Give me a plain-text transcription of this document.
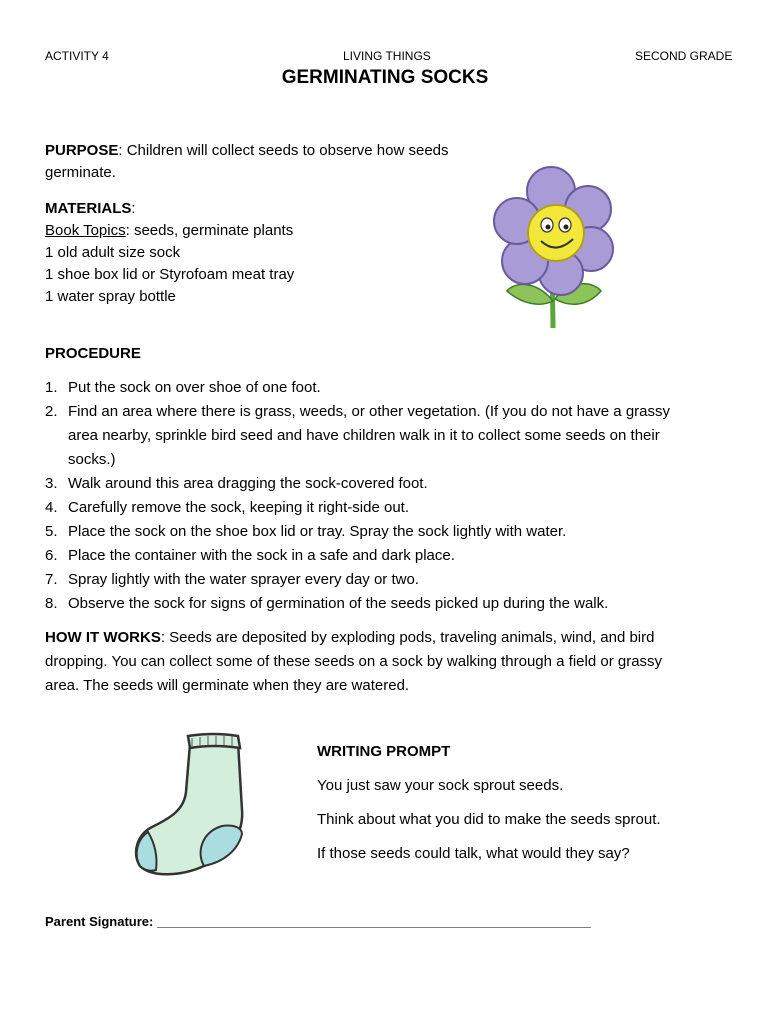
ACTIVITY 4	LIVING THINGS	SECOND GRADE
GERMINATING SOCKS
PURPOSE: Children will collect seeds to observe how seeds
germinate.
MATERIALS:
Book Topics: seeds, germinate plants
1 old adult size sock
1 shoe box lid or Styrofoam meat tray
1 water spray bottle
PROCEDURE
1. Put the sock on over shoe of one foot.
2. Find an area where there is grass, weeds, or other vegetation. (If you do not have a grassy
area nearby, sprinkle bird seed and have children walk in it to collect some seeds on their
socks.)
3. Walk around this area dragging the sock-covered foot.
4. Carefully remove the sock, keeping it right-side out.
5. Place the sock on the shoe box lid or tray. Spray the sock lightly with water.
6. Place the container with the sock in a safe and dark place.
7. Spray lightly with the water sprayer every day or two.
8. Observe the sock for signs of germination of the seeds picked up during the walk.
HOW IT WORKS: Seeds are deposited by exploding pods, traveling animals, wind, and bird
dropping. You can collect some of these seeds on a sock by walking through a field or grassy
area. The seeds will germinate when they are watered.

WRITING PROMPT

You just saw your sock sprout seeds.

Think about what you did to make the seeds sprout.

If those seeds could talk, what would they say?

Parent Signature: ____________________________________________________________
